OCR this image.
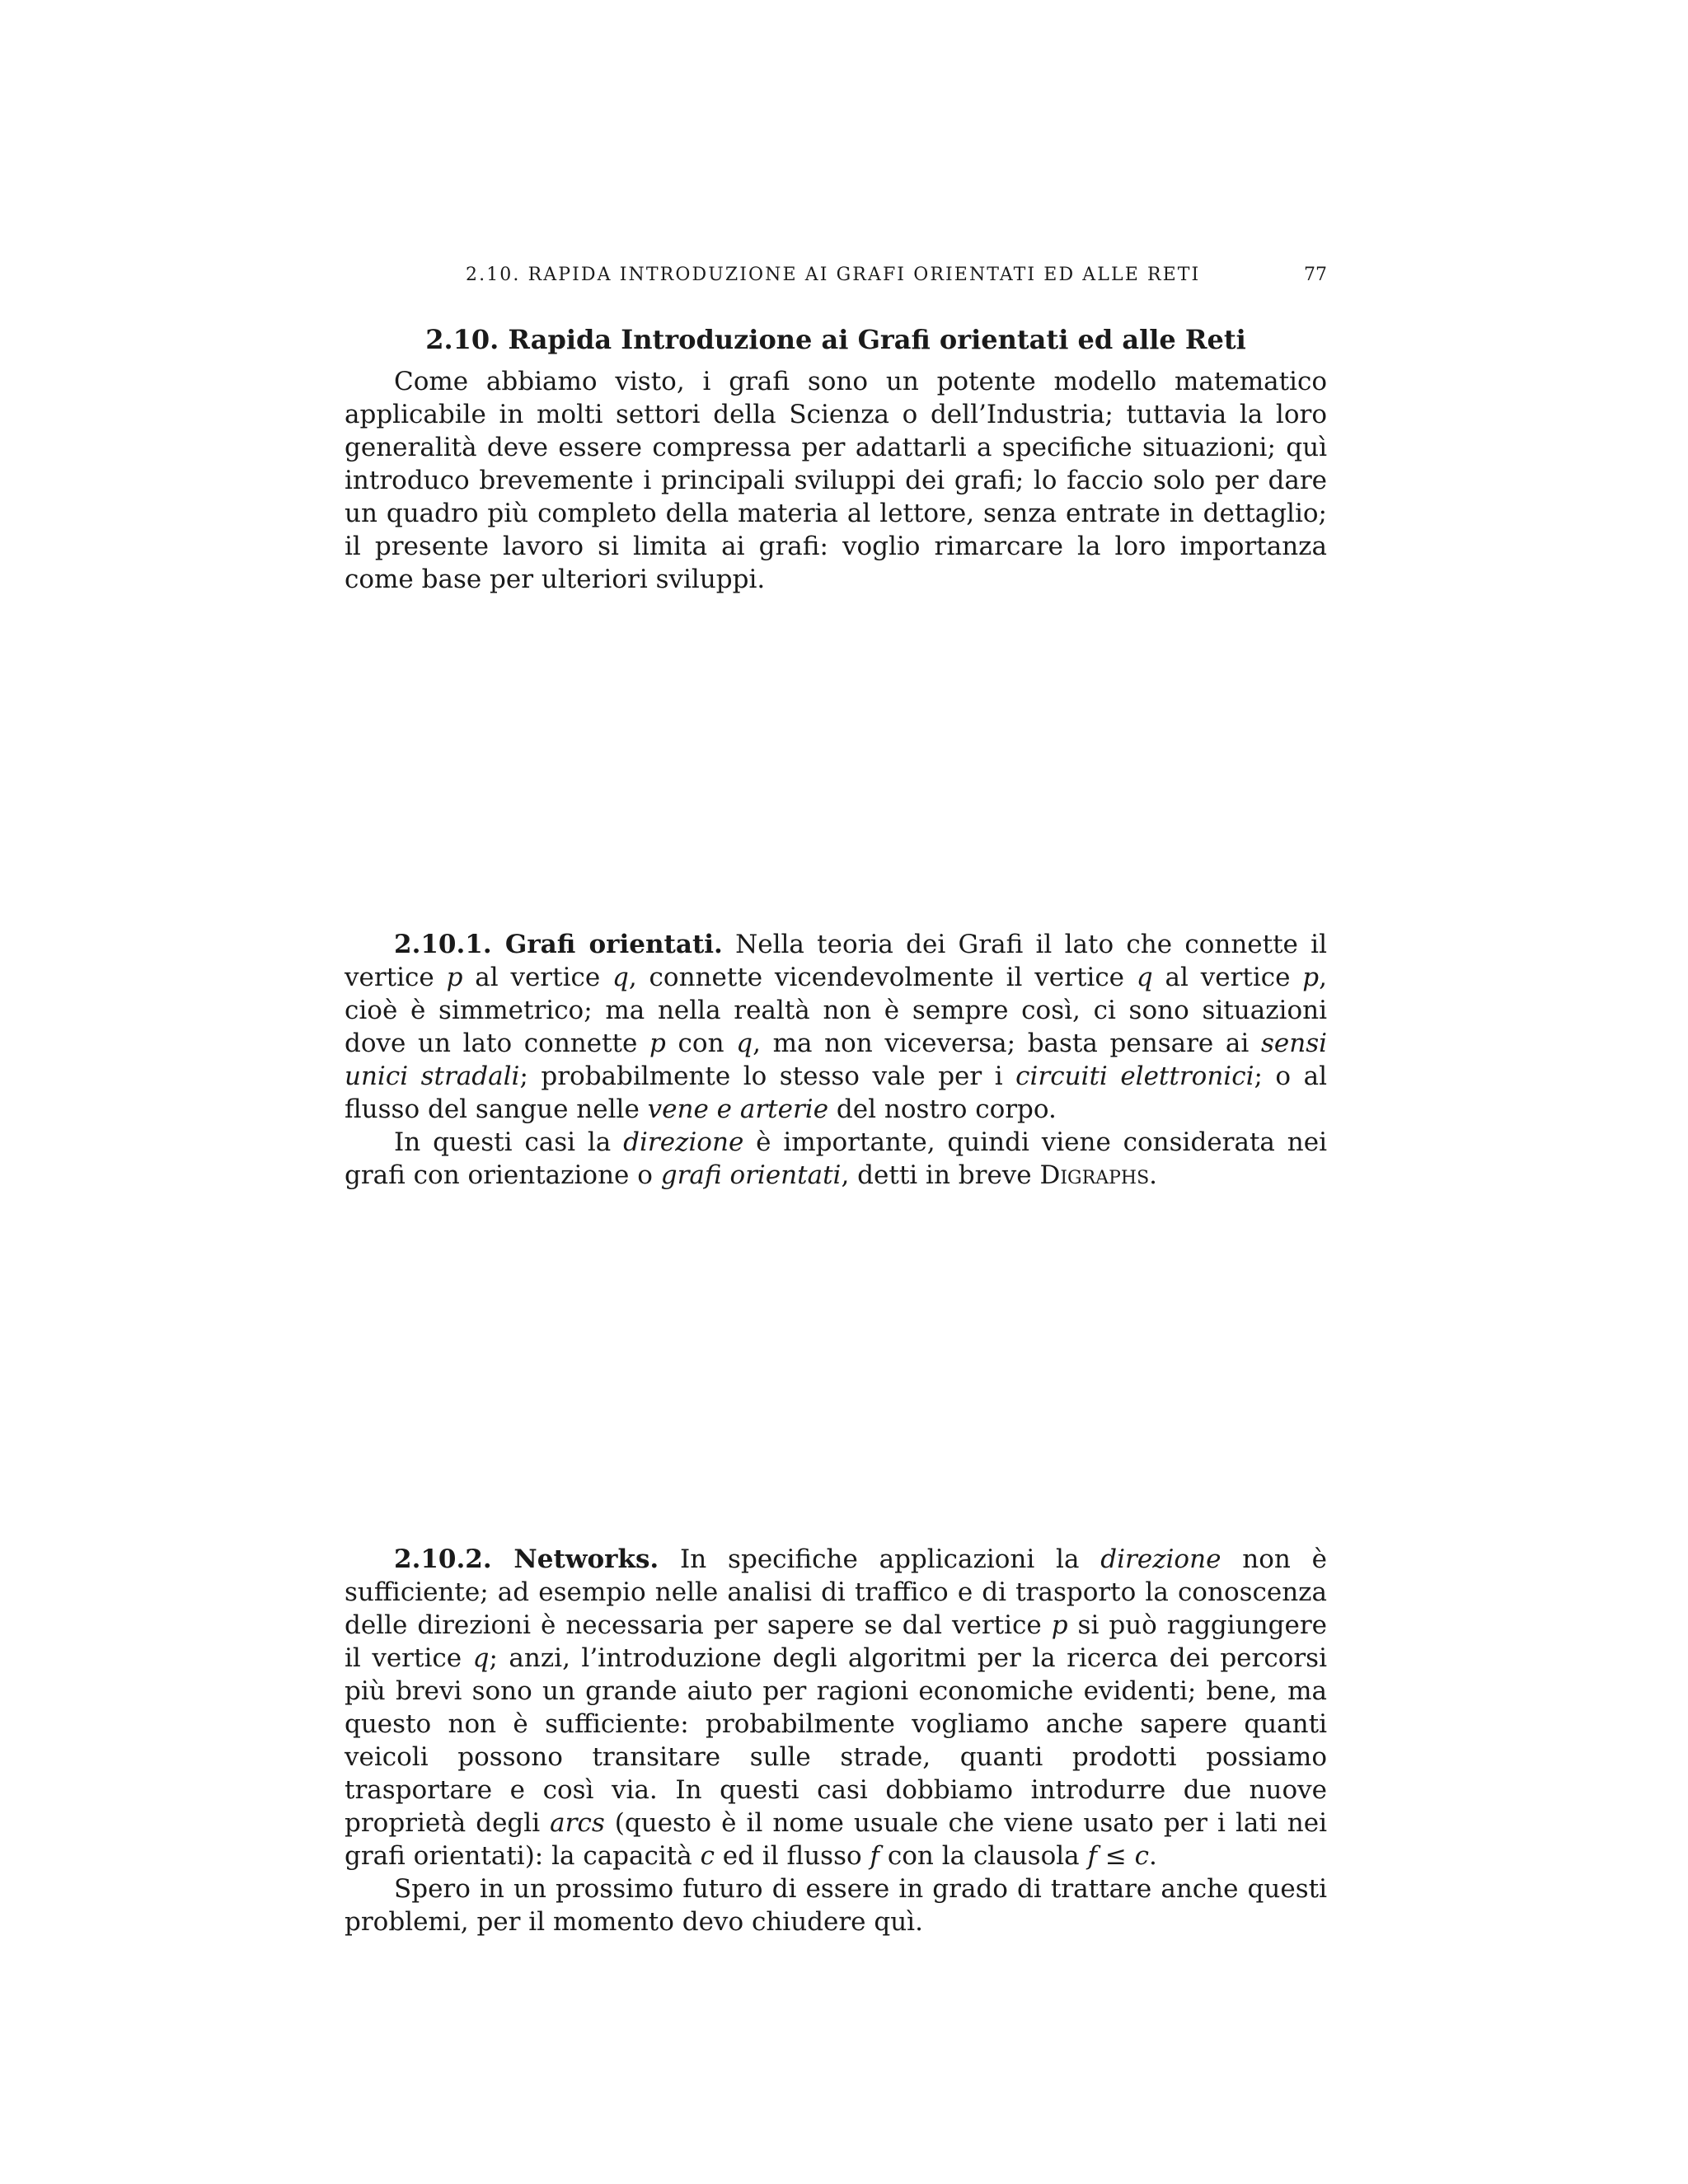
2.10. RAPIDA INTRODUZIONE AI GRAFI ORIENTATI ED ALLE RETI	77
2.10. Rapida Introduzione ai Grafi orientati ed alle Reti

Come abbiamo visto, i grafi sono un potente modello matematico applicabile in molti settori della Scienza o dell’Industria; tuttavia la loro generalità deve essere compressa per adattarli a specifiche situazioni; quì introduco brevemente i principali sviluppi dei grafi; lo faccio solo per dare un quadro più completo della materia al lettore, senza entrate in dettaglio; il presente lavoro si limita ai grafi: voglio rimarcare la loro importanza come base per ulteriori sviluppi.

2.10.1. Grafi orientati. Nella teoria dei Grafi il lato che connette il vertice p al vertice q, connette vicendevolmente il vertice q al vertice p, cioè è simmetrico; ma nella realtà non è sempre così, ci sono situazioni dove un lato connette p con q, ma non viceversa; basta pensare ai sensi unici stradali; probabilmente lo stesso vale per i circuiti elettronici; o al flusso del sangue nelle vene e arterie del nostro corpo.

In questi casi la direzione è importante, quindi viene considerata nei grafi con orientazione o grafi orientati, detti in breve Digraphs.

2.10.2. Networks. In specifiche applicazioni la direzione non è sufficiente; ad esempio nelle analisi di traffico e di trasporto la conoscenza delle direzioni è necessaria per sapere se dal vertice p si può raggiungere il vertice q; anzi, l’introduzione degli algoritmi per la ricerca dei percorsi più brevi sono un grande aiuto per ragioni economiche evidenti; bene, ma questo non è sufficiente: probabilmente vogliamo anche sapere quanti veicoli possono transitare sulle strade, quanti prodotti possiamo trasportare e così via. In questi casi dobbiamo introdurre due nuove proprietà degli arcs (questo è il nome usuale che viene usato per i lati nei grafi orientati): la capacità c ed il flusso f con la clausola f ≤ c.

Spero in un prossimo futuro di essere in grado di trattare anche questi problemi, per il momento devo chiudere quì.
